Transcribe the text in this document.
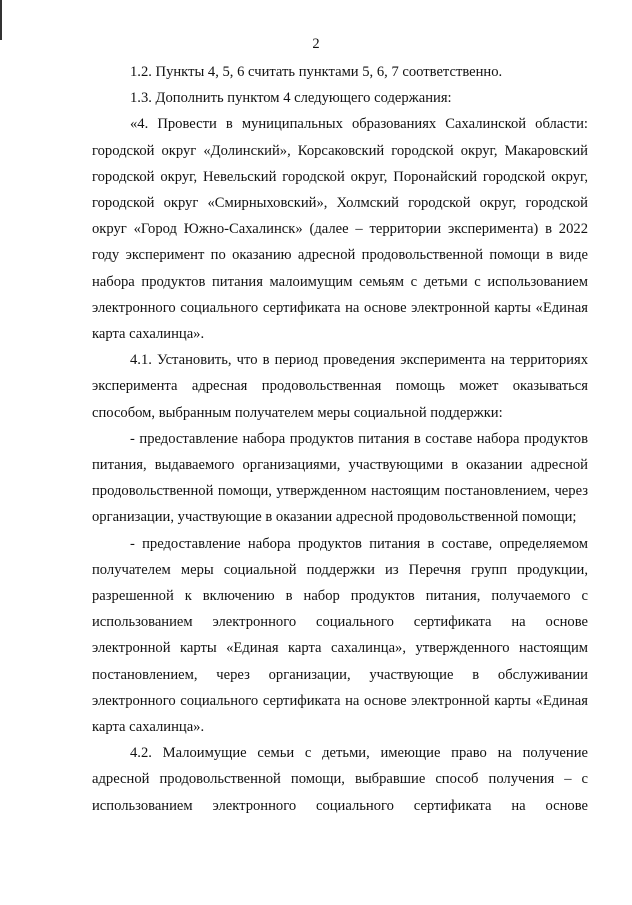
2

1.2. Пункты 4, 5, 6 считать пунктами 5, 6, 7 соответственно.

1.3. Дополнить пунктом 4 следующего содержания:

«4. Провести в муниципальных образованиях Сахалинской области: городской округ «Долинский», Корсаковский городской округ, Макаровский городской округ, Невельский городской округ, Поронайский городской округ, городской округ «Смирныховский», Холмский городской округ, городской округ «Город Южно-Сахалинск» (далее – территории эксперимента) в 2022 году эксперимент по оказанию адресной продовольственной помощи в виде набора продуктов питания малоимущим семьям с детьми с использованием электронного социального сертификата на основе электронной карты «Единая карта сахалинца».

4.1. Установить, что в период проведения эксперимента на территориях эксперимента адресная продовольственная помощь может оказываться способом, выбранным получателем меры социальной поддержки:

- предоставление набора продуктов питания в составе набора продуктов питания, выдаваемого организациями, участвующими в оказании адресной продовольственной помощи, утвержденном настоящим постановлением, через организации, участвующие в оказании адресной продовольственной помощи;

- предоставление набора продуктов питания в составе, определяемом получателем меры социальной поддержки из Перечня групп продукции, разрешенной к включению в набор продуктов питания, получаемого с использованием электронного социального сертификата на основе электронной карты «Единая карта сахалинца», утвержденного настоящим постановлением, через организации, участвующие в обслуживании электронного социального сертификата на основе электронной карты «Единая карта сахалинца».

4.2. Малоимущие семьи с детьми, имеющие право на получение адресной продовольственной помощи, выбравшие способ получения – с использованием электронного социального сертификата на основе
